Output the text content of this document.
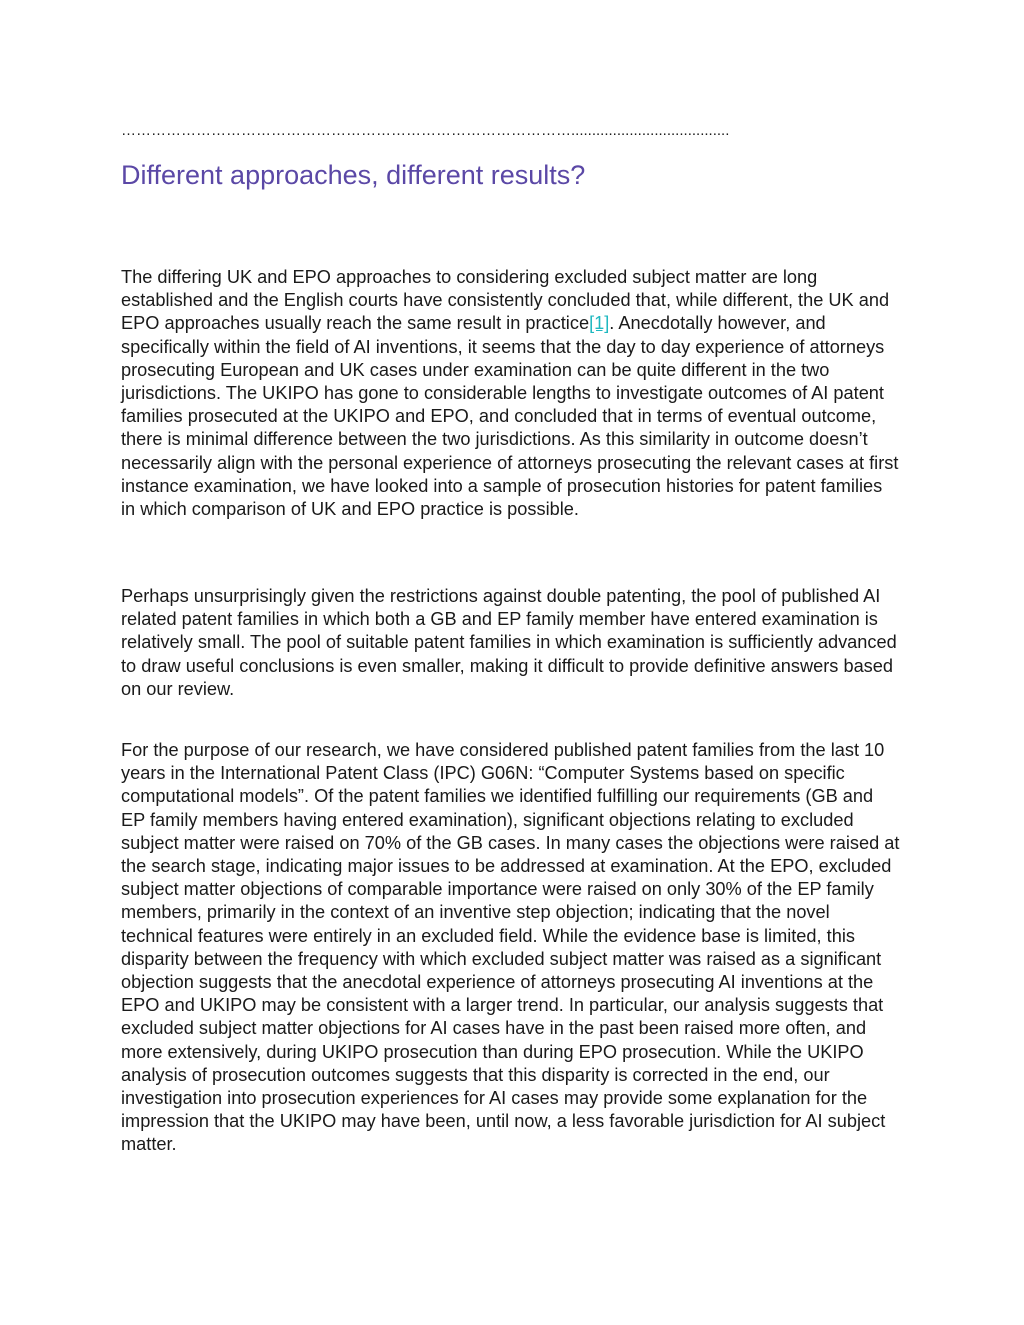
………………………………………………………………………………......................................
Different approaches, different results?

The differing UK and EPO approaches to considering excluded subject matter are long established and the English courts have consistently concluded that, while different, the UK and EPO approaches usually reach the same result in practice[1]. Anecdotally however, and specifically within the field of AI inventions, it seems that the day to day experience of attorneys prosecuting European and UK cases under examination can be quite different in the two jurisdictions. The UKIPO has gone to considerable lengths to investigate outcomes of AI patent families prosecuted at the UKIPO and EPO, and concluded that in terms of eventual outcome, there is minimal difference between the two jurisdictions. As this similarity in outcome doesn’t necessarily align with the personal experience of attorneys prosecuting the relevant cases at first instance examination, we have looked into a sample of prosecution histories for patent families in which comparison of UK and EPO practice is possible.

Perhaps unsurprisingly given the restrictions against double patenting, the pool of published AI related patent families in which both a GB and EP family member have entered examination is relatively small. The pool of suitable patent families in which examination is sufficiently advanced to draw useful conclusions is even smaller, making it difficult to provide definitive answers based on our review.

For the purpose of our research, we have considered published patent families from the last 10 years in the International Patent Class (IPC) G06N: “Computer Systems based on specific computational models”. Of the patent families we identified fulfilling our requirements (GB and EP family members having entered examination), significant objections relating to excluded subject matter were raised on 70% of the GB cases. In many cases the objections were raised at the search stage, indicating major issues to be addressed at examination. At the EPO, excluded subject matter objections of comparable importance were raised on only 30% of the EP family members, primarily in the context of an inventive step objection; indicating that the novel technical features were entirely in an excluded field. While the evidence base is limited, this disparity between the frequency with which excluded subject matter was raised as a significant objection suggests that the anecdotal experience of attorneys prosecuting AI inventions at the EPO and UKIPO may be consistent with a larger trend. In particular, our analysis suggests that excluded subject matter objections for AI cases have in the past been raised more often, and more extensively, during UKIPO prosecution than during EPO prosecution. While the UKIPO analysis of prosecution outcomes suggests that this disparity is corrected in the end, our investigation into prosecution experiences for AI cases may provide some explanation for the impression that the UKIPO may have been, until now, a less favorable jurisdiction for AI subject matter.
